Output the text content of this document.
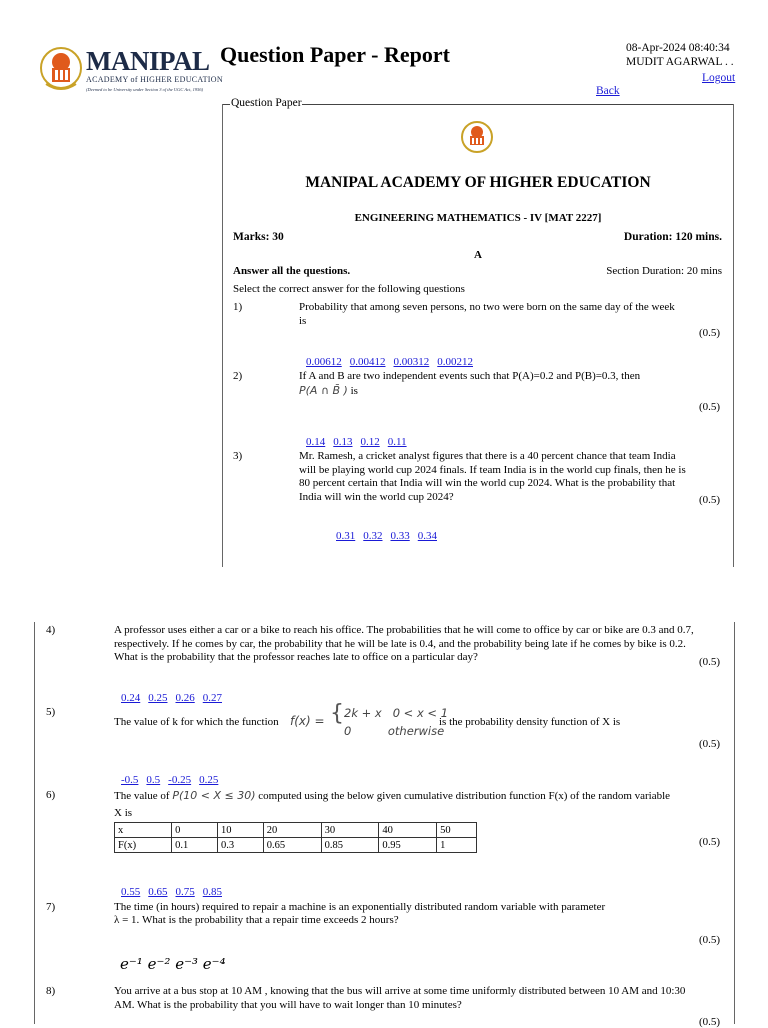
MANIPAL
ACADEMY of HIGHER EDUCATION
(Deemed to be University under Section 3 of the UGC Act, 1956)
Question Paper - Report	08-Apr-2024 08:40:34
MUDIT AGARWAL . .
Logout
Back
Question Paper
MANIPAL ACADEMY OF HIGHER EDUCATION
ENGINEERING MATHEMATICS - IV [MAT 2227]
Marks: 30	Duration: 120 mins.
A
Answer all the questions.	Section Duration: 20 mins
Select the correct answer for the following questions
1)	Probability that among seven persons, no two were born on the same day of the week is
(0.5)
0.00612 0.00412 0.00312 0.00212
2)	If A and B are two independent events such that P(A)=0.2 and P(B)=0.3, then
P(A ∩ B̄ ) is
(0.5)
0.14 0.13 0.12 0.11
3)	Mr. Ramesh, a cricket analyst figures that there is a 40 percent chance that team India will be playing world cup 2024 finals. If team India is in the world cup finals, then he is 80 percent certain that India will win the world cup 2024. What is the probability that India will win the world cup 2024?	(0.5)
0.31 0.32 0.33 0.34
4)	A professor uses either a car or a bike to reach his office. The probabilities that he will come to office by car or bike are 0.3 and 0.7, respectively. If he comes by car, the probability that he will be late is 0.4, and the probability being late if he comes by bike is 0.2. What is the probability that the professor reaches late to office on a particular day?	(0.5)
0.24 0.25 0.26 0.27
5)
The value of k for which the function f(x) = { 2k + x   0 < x < 1
0          otherwise
is the probability density function of X is
(0.5)
-0.5 0.5 -0.25 0.25
6)	The value of P(10 < X ≤ 30) computed using the below given cumulative distribution function F(x) of the random variable
X is
x	0	10	20	30	40	50
F(x)	0.1	0.3	0.65	0.85	0.95	1	(0.5)
0.55 0.65 0.75 0.85
7)	The time (in hours) required to repair a machine is an exponentially distributed random variable with parameter
λ = 1. What is the probability that a repair time exceeds 2 hours?
(0.5)
e⁻¹ e⁻² e⁻³ e⁻⁴
8)	You arrive at a bus stop at 10 AM , knowing that the bus will arrive at some time uniformly distributed between 10 AM and 10:30 AM. What is the probability that you will have to wait longer than 10 minutes?
(0.5)
